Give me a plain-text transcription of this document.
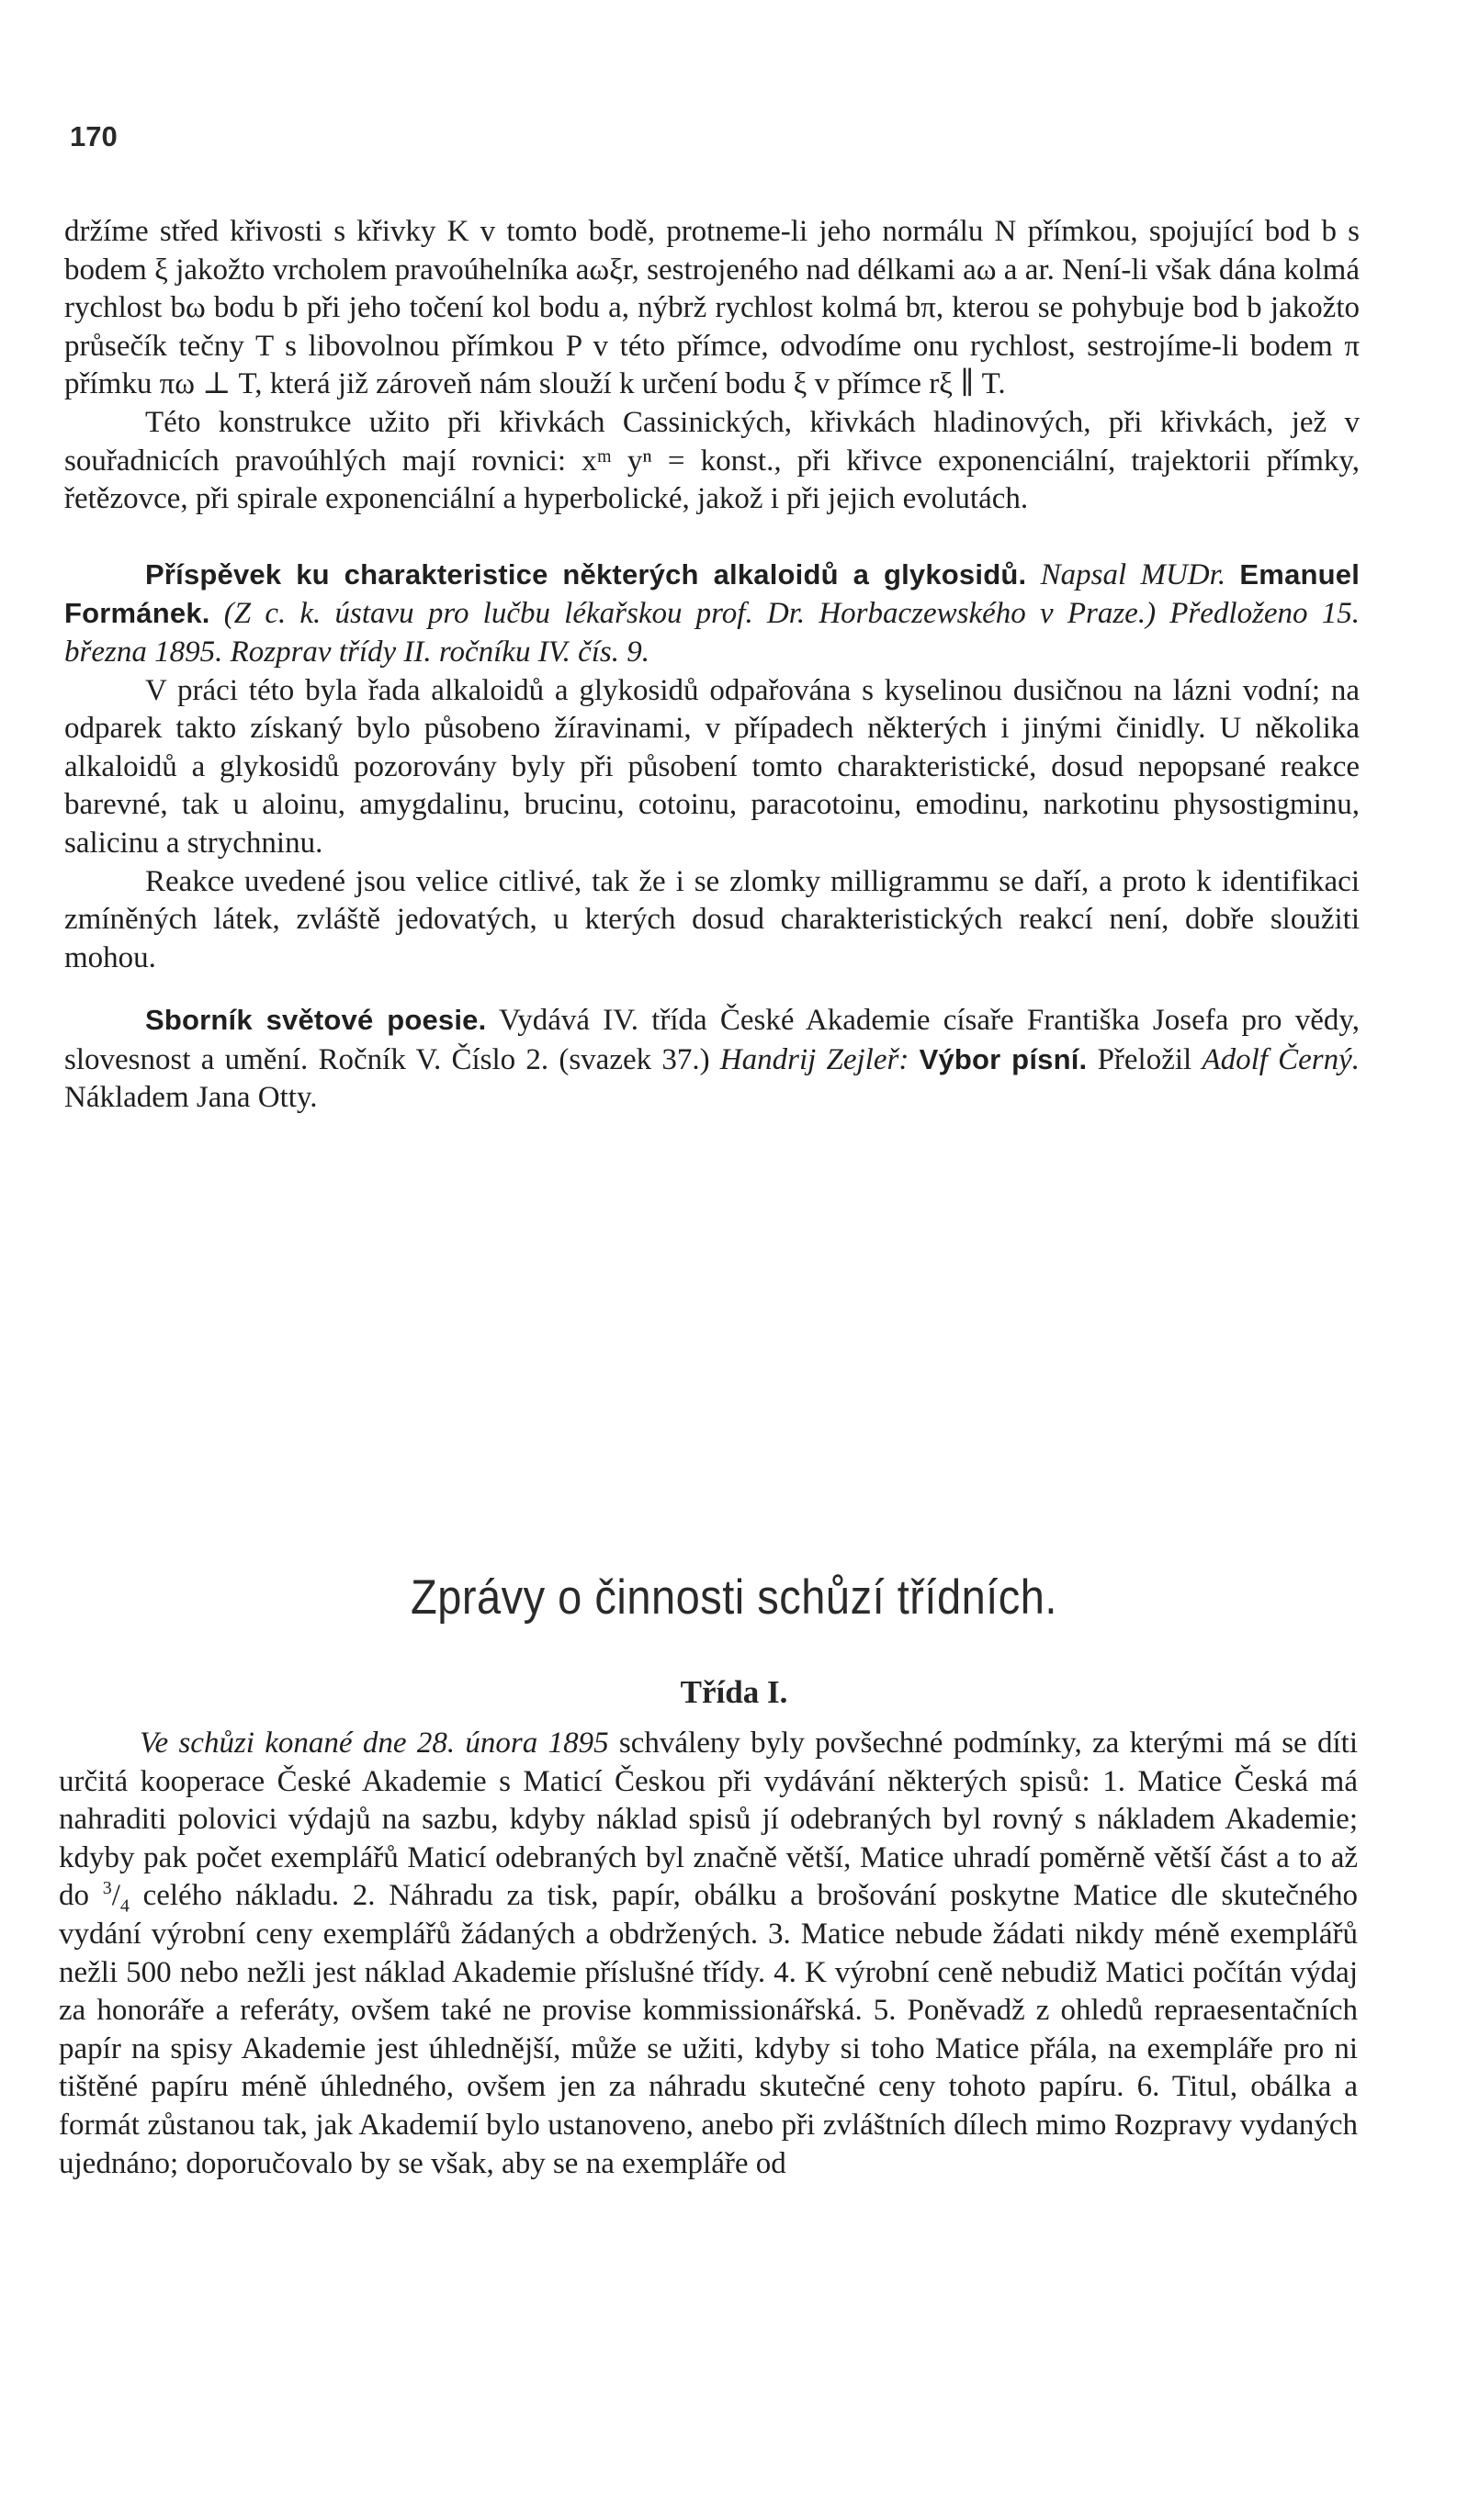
170

držíme střed křivosti s křivky K v tomto bodě, protneme-li jeho normálu N přímkou, spojující bod b s bodem ξ jakožto vrcholem pravoúhelníka aωξr, sestrojeného nad délkami aω a ar. Není-li však dána kolmá rychlost bω bodu b při jeho točení kol bodu a, nýbrž rychlost kolmá bπ, kterou se pohybuje bod b jakožto průsečík tečny T s libovolnou přímkou P v této přímce, odvodíme onu rychlost, sestrojíme-li bodem π přímku πω ⊥ T, která již zároveň nám slouží k určení bodu ξ v přímce rξ ∥ T.

Této konstrukce užito při křivkách Cassinických, křivkách hladinových, při křivkách, jež v souřadnicích pravoúhlých mají rovnici: xᵐ yⁿ = konst., při křivce exponenciální, trajektorii přímky, řetězovce, při spirale exponenciální a hyperbolické, jakož i při jejich evolutách.

Příspěvek ku charakteristice některých alkaloidů a glykosidů. Napsal MUDr. Emanuel Formánek. (Z c. k. ústavu pro lučbu lékařskou prof. Dr. Horbaczewského v Praze.) Předloženo 15. března 1895. Rozprav třídy II. ročníku IV. čís. 9.

V práci této byla řada alkaloidů a glykosidů odpařována s kyselinou dusičnou na lázni vodní; na odparek takto získaný bylo působeno žíravinami, v případech některých i jinými činidly. U několika alkaloidů a glykosidů pozorovány byly při působení tomto charakteristické, dosud nepopsané reakce barevné, tak u aloinu, amygdalinu, brucinu, cotoinu, paracotoinu, emodinu, narkotinu physostigminu, salicinu a strychninu.

Reakce uvedené jsou velice citlivé, tak že i se zlomky milligrammu se daří, a proto k identifikaci zmíněných látek, zvláště jedovatých, u kterých dosud charakteristických reakcí není, dobře sloužiti mohou.

Sborník světové poesie. Vydává IV. třída České Akademie císaře Františka Josefa pro vědy, slovesnost a umění. Ročník V. Číslo 2. (svazek 37.) Handrij Zejleř: Výbor písní. Přeložil Adolf Černý. Nákladem Jana Otty.

Zprávy o činnosti schůzí třídních.
Třída I.

Ve schůzi konané dne 28. února 1895 schváleny byly povšechné podmínky, za kterými má se díti určitá kooperace České Akademie s Maticí Českou při vydávání některých spisů: 1. Matice Česká má nahraditi polovici výdajů na sazbu, kdyby náklad spisů jí odebraných byl rovný s nákladem Akademie; kdyby pak počet exemplářů Maticí odebraných byl značně větší, Matice uhradí poměrně větší část a to až do $^3/_4$ celého nákladu. 2. Náhradu za tisk, papír, obálku a brošování poskytne Matice dle skutečného vydání výrobní ceny exemplářů žádaných a obdržených. 3. Matice nebude žádati nikdy méně exemplářů nežli 500 nebo nežli jest náklad Akademie příslušné třídy. 4. K výrobní ceně nebudiž Matici počítán výdaj za honoráře a referáty, ovšem také ne provise kommissionářská. 5. Poněvadž z ohledů repraesentačních papír na spisy Akademie jest úhlednější, může se užiti, kdyby si toho Matice přála, na exempláře pro ni tištěné papíru méně úhledného, ovšem jen za náhradu skutečné ceny tohoto papíru. 6. Titul, obálka a formát zůstanou tak, jak Akademií bylo ustanoveno, anebo při zvláštních dílech mimo Rozpravy vydaných ujednáno; doporučovalo by se však, aby se na exempláře od
